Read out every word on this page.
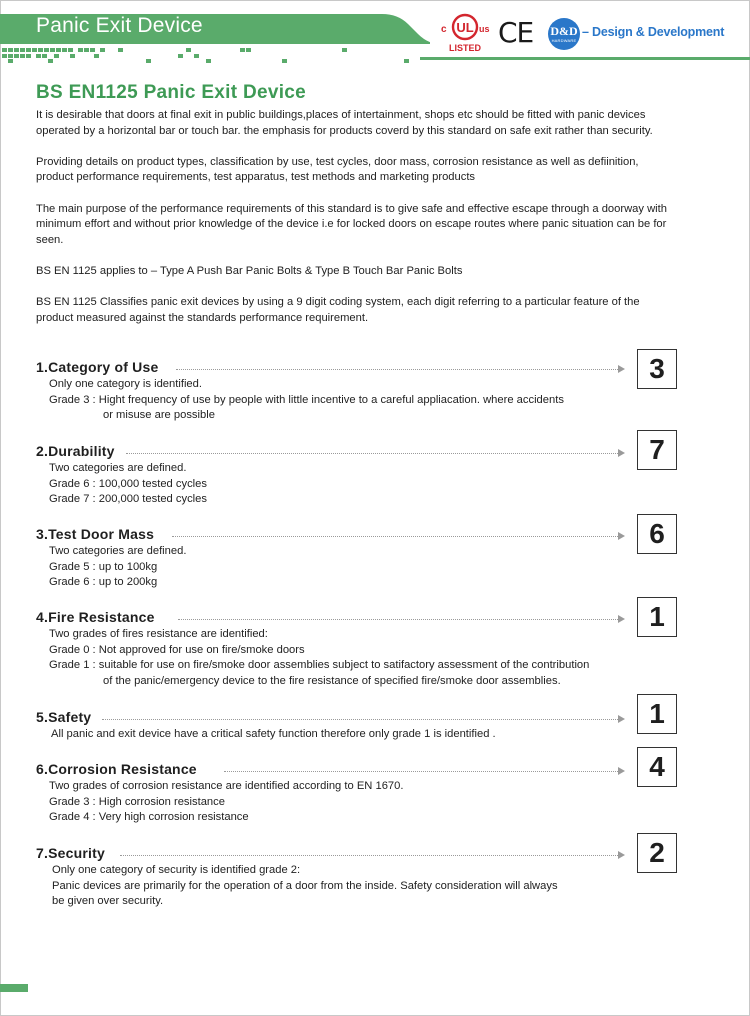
Panic Exit Device	UL
c	us
LISTED CE D&D
HARDWARE
– Design & Development
BS EN1125 Panic Exit Device

It is desirable that doors at final exit in public buildings,places of intertainment, shops etc should be fitted with panic devices operated by a horizontal bar or touch bar. the emphasis for products coverd by this standard on safe exit rather than security.

Providing details on product types, classification by use, test cycles, door mass, corrosion resistance as well as defiinition, product performance requirements, test apparatus, test methods and marketing products

The main purpose of the performance requirements of this standard is to give safe and effective escape through a doorway with minimum effort and without prior knowledge of the device i.e for locked doors on escape routes where panic situation can be for seen.

BS EN 1125 applies to – Type A Push Bar Panic Bolts & Type B Touch Bar Panic Bolts

BS EN 1125 Classifies panic exit devices by using a 9 digit coding system, each digit referring to a particular feature of the product measured against the standards performance requirement.

1.Category of Use	3
Only one category is identified.
Grade 3 : Hight frequency of use by people with little incentive to a careful appliacation. where accidents
or misuse are possible
2.Durability	7
Two categories are defined.
Grade 6 : 100,000 tested cycles
Grade 7 : 200,000 tested cycles
3.Test Door Mass	6
Two categories are defined.
Grade 5 : up to 100kg
Grade 6 : up to 200kg
4.Fire Resistance	1
Two grades of fires resistance are identified:
Grade 0 : Not approved for use on fire/smoke doors
Grade 1 : suitable for use on fire/smoke door assemblies subject to satifactory assessment of the contribution
of the panic/emergency device to the fire resistance of specified fire/smoke door assemblies.
5.Safety	1
All panic and exit device have a critical safety function therefore only grade 1 is identified .
6.Corrosion Resistance	4
Two grades of corrosion resistance are identified according to EN 1670.
Grade 3 : High corrosion resistance
Grade 4 : Very high corrosion resistance
7.Security	2
Only one category of security is identified grade 2:
Panic devices are primarily for the operation of a door from the inside. Safety consideration will always
be given over security.
